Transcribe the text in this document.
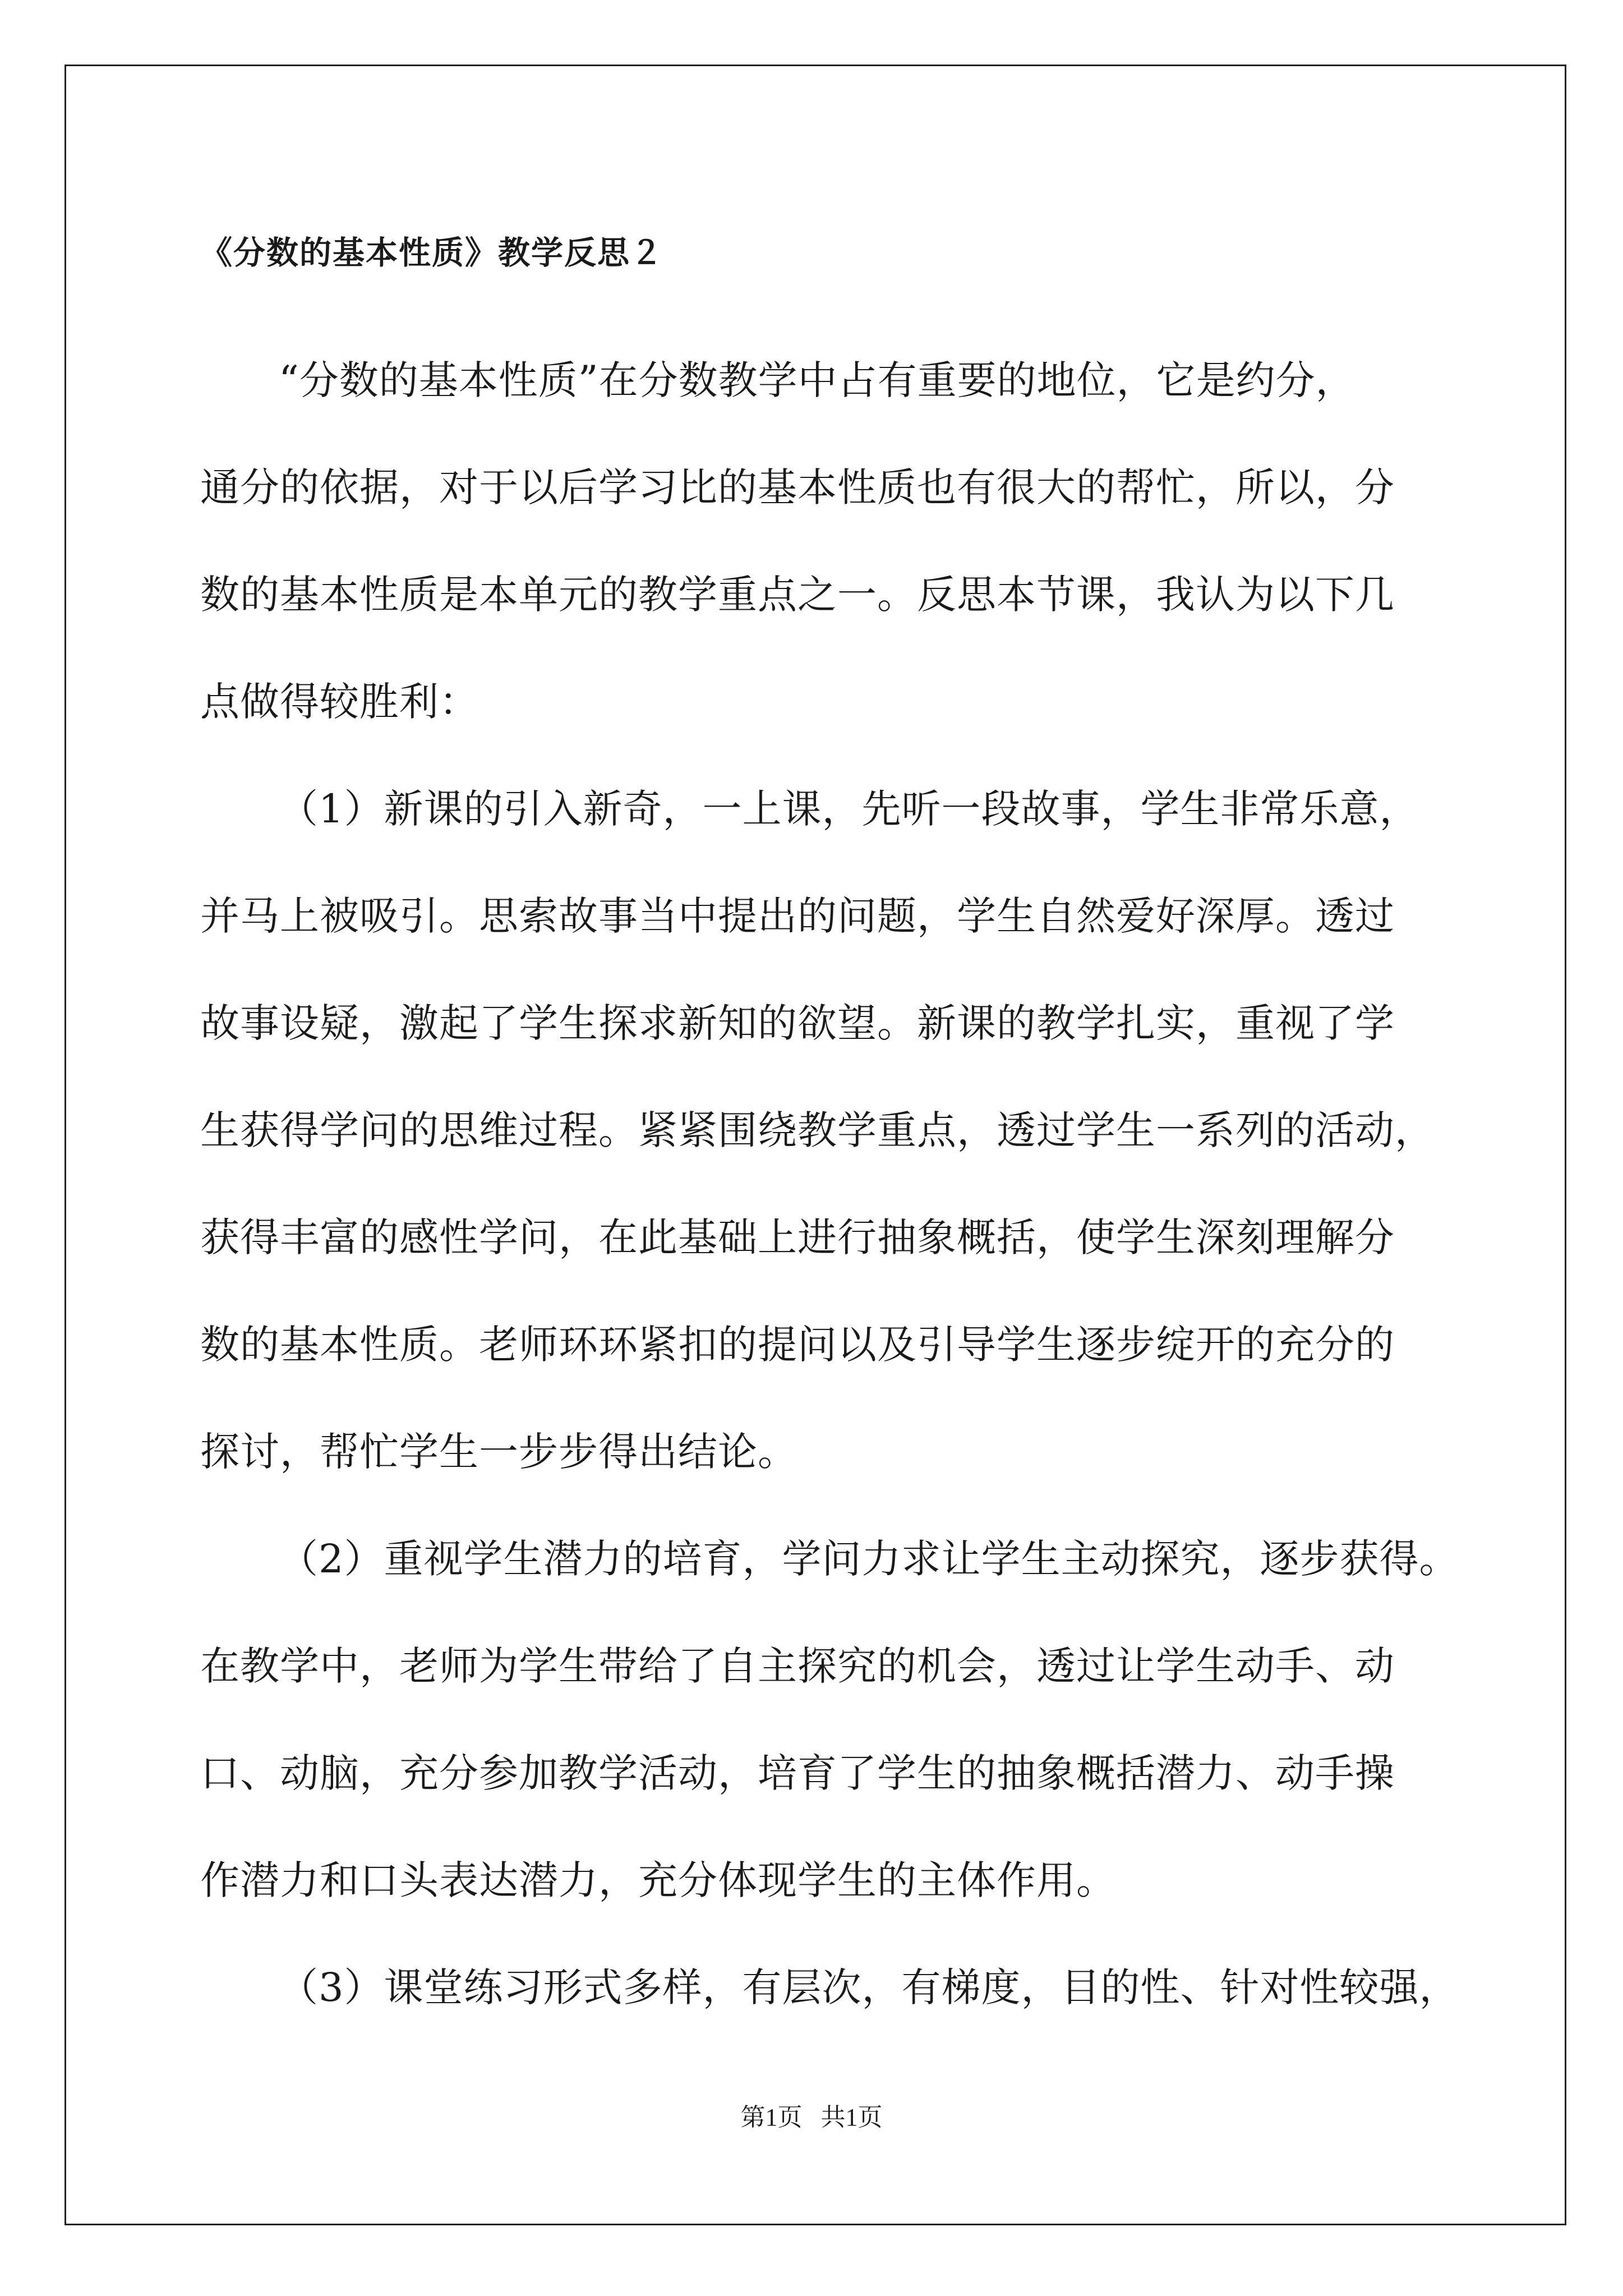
《分数的基本性质》教学反思２
“分数的基本性质”在分数教学中占有重要的地位，它是约分，
通分的依据，对于以后学习比的基本性质也有很大的帮忙，所以，分
数的基本性质是本单元的教学重点之一。反思本节课，我认为以下几
点做得较胜利：
（1）新课的引入新奇，一上课，先听一段故事，学生非常乐意，
并马上被吸引。思索故事当中提出的问题，学生自然爱好深厚。透过
故事设疑，激起了学生探求新知的欲望。新课的教学扎实，重视了学
生获得学问的思维过程。紧紧围绕教学重点，透过学生一系列的活动，
获得丰富的感性学问，在此基础上进行抽象概括，使学生深刻理解分
数的基本性质。老师环环紧扣的提问以及引导学生逐步绽开的充分的
探讨，帮忙学生一步步得出结论。
（2）重视学生潜力的培育，学问力求让学生主动探究，逐步获得。
在教学中，老师为学生带给了自主探究的机会，透过让学生动手、动
口、动脑，充分参加教学活动，培育了学生的抽象概括潜力、动手操
作潜力和口头表达潜力，充分体现学生的主体作用。
（3）课堂练习形式多样，有层次，有梯度，目的性、针对性较强，
第1页   共1页
